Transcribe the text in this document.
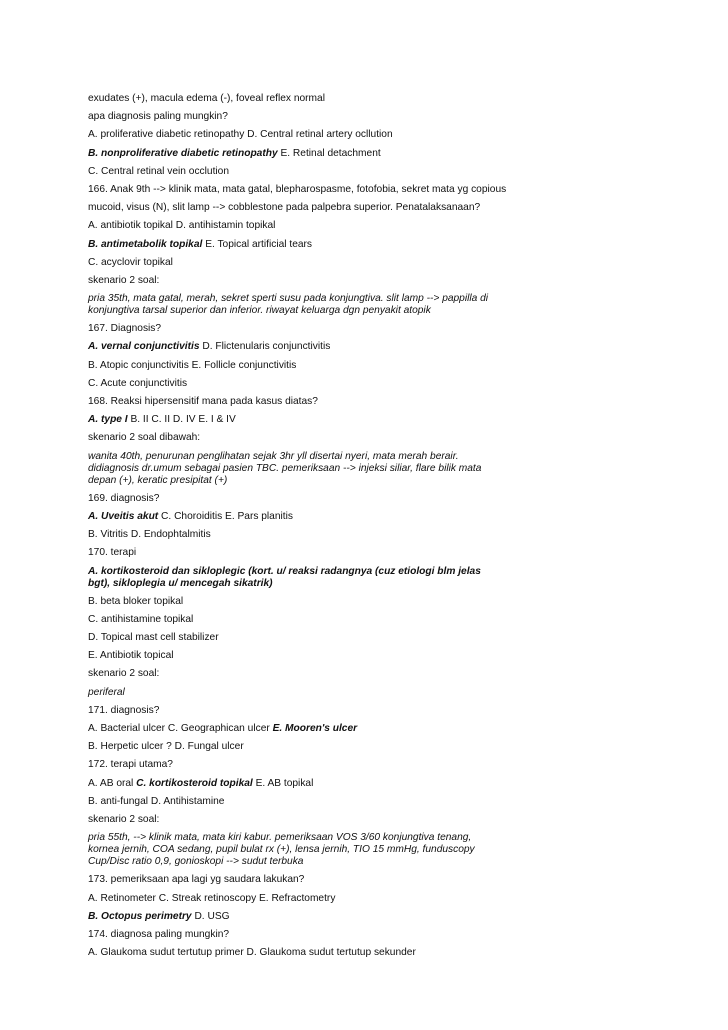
exudates (+), macula edema (-), foveal reflex normal
apa diagnosis paling mungkin?
A. proliferative diabetic retinopathy D. Central retinal artery ocllution
B. nonproliferative diabetic retinopathy E. Retinal detachment
C. Central retinal vein occlution
166. Anak 9th --> klinik mata, mata gatal, blepharospasme, fotofobia, sekret mata yg copious
mucoid, visus (N), slit lamp --> cobblestone pada palpebra superior. Penatalaksanaan?
A. antibiotik topikal D. antihistamin topikal
B. antimetabolik topikal E. Topical artificial tears
C. acyclovir topikal
skenario 2 soal:
pria 35th, mata gatal, merah, sekret sperti susu pada konjungtiva. slit lamp --> pappilla di
konjungtiva tarsal superior dan inferior. riwayat keluarga dgn penyakit atopik
167. Diagnosis?
A. vernal conjunctivitis D. Flictenularis conjunctivitis
B. Atopic conjunctivitis E. Follicle conjunctivitis
C. Acute conjunctivitis
168. Reaksi hipersensitif mana pada kasus diatas?
A. type I B. II C. II D. IV E. I & IV
skenario 2 soal dibawah:
wanita 40th, penurunan penglihatan sejak 3hr yll disertai nyeri, mata merah berair.
didiagnosis dr.umum sebagai pasien TBC. pemeriksaan --> injeksi siliar, flare bilik mata
depan (+), keratic presipitat (+)
169. diagnosis?
A. Uveitis akut C. Choroiditis E. Pars planitis
B. Vitritis D. Endophtalmitis
170. terapi
A. kortikosteroid dan sikloplegic (kort. u/ reaksi radangnya (cuz etiologi blm jelas
bgt), sikloplegia u/ mencegah sikatrik)
B. beta bloker topikal
C. antihistamine topikal
D. Topical mast cell stabilizer
E. Antibiotik topical
skenario 2 soal:
periferal
171. diagnosis?
A. Bacterial ulcer C. Geographican ulcer E. Mooren's ulcer
B. Herpetic ulcer ? D. Fungal ulcer
172. terapi utama?
A. AB oral C. kortikosteroid topikal E. AB topikal
B. anti-fungal D. Antihistamine
skenario 2 soal:
pria 55th, --> klinik mata, mata kiri kabur. pemeriksaan VOS 3/60 konjungtiva tenang,
kornea jernih, COA sedang, pupil bulat rx (+), lensa jernih, TIO 15 mmHg, funduscopy
Cup/Disc ratio 0,9, gonioskopi --> sudut terbuka
173. pemeriksaan apa lagi yg saudara lakukan?
A. Retinometer C. Streak retinoscopy E. Refractometry
B. Octopus perimetry D. USG
174. diagnosa paling mungkin?
A. Glaukoma sudut tertutup primer D. Glaukoma sudut tertutup sekunder
